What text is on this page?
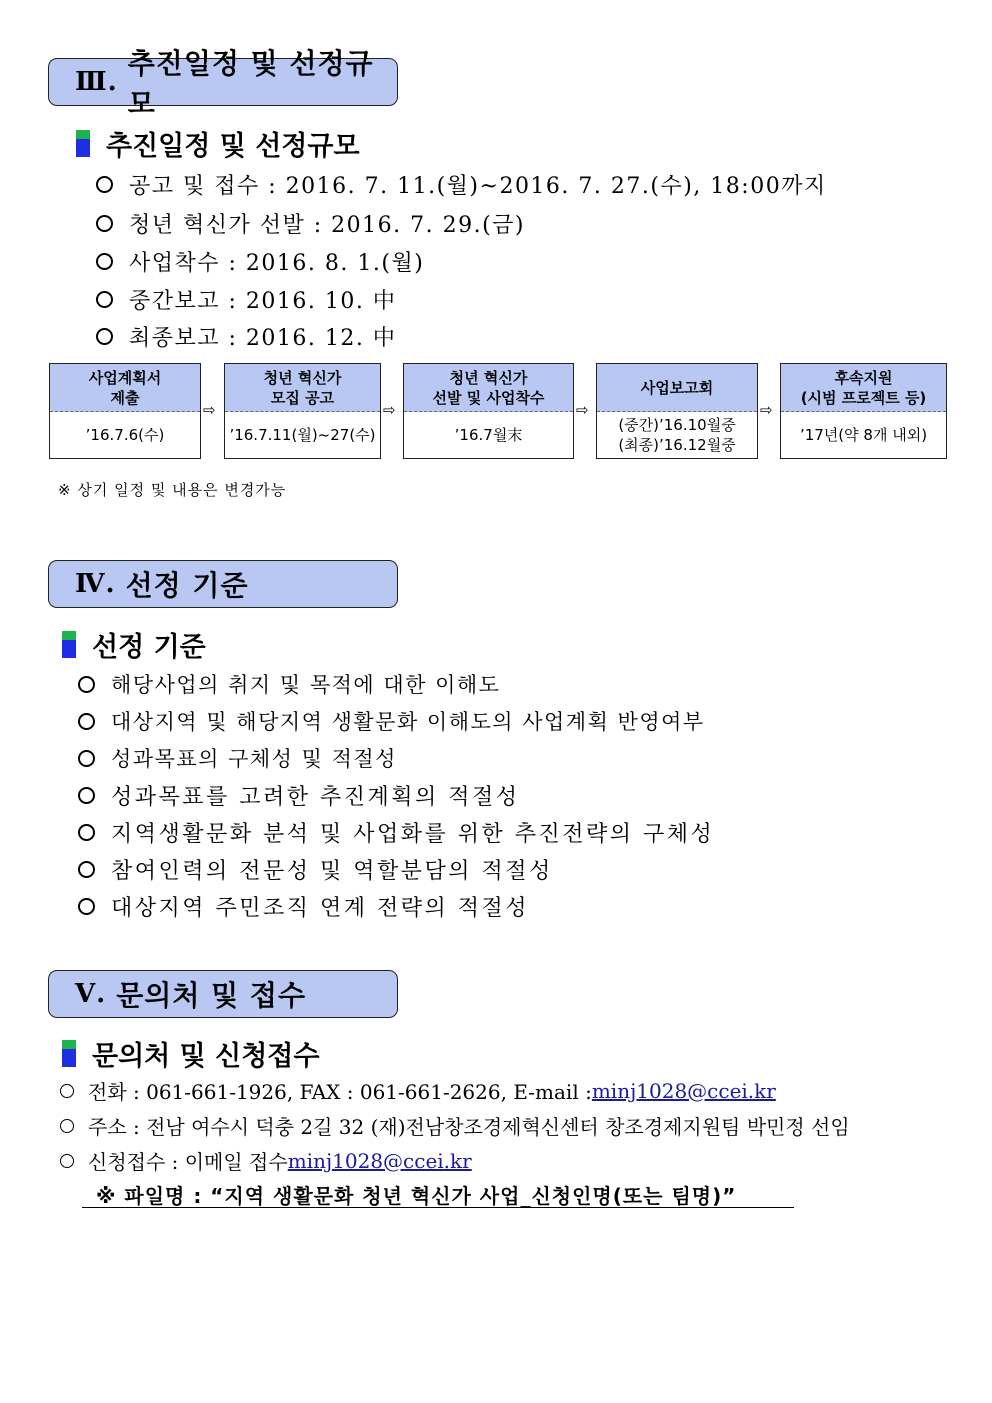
Ⅲ.
추진일정 및 선정규모
추진일정 및 선정규모
공고 및 접수 : 2016. 7. 11.(월)~2016. 7. 27.(수), 18:00까지
청년 혁신가 선발 : 2016. 7. 29.(금)
사업착수 : 2016. 8. 1.(월)
중간보고 : 2016. 10. 中
최종보고 : 2016. 12. 中
사업계획서
제출
’16.7.6(수)
⇨
청년 혁신가
모집 공고
’16.7.11(월)~27(수)
⇨
청년 혁신가
선발 및 사업착수
’16.7월末
⇨
사업보고회
(중간)’16.10월중
(최종)’16.12월중
⇨
후속지원
(시범 프로젝트 등)
’17년(약 8개 내외)
※ 상기 일정 및 내용은 변경가능
Ⅳ. 선정 기준
선정 기준
해당사업의 취지 및 목적에 대한 이해도
대상지역 및 해당지역 생활문화 이해도의 사업계획 반영여부
성과목표의 구체성 및 적절성
성과목표를 고려한 추진계획의 적절성
지역생활문화 분석 및 사업화를 위한 추진전략의 구체성
참여인력의 전문성 및 역할분담의 적절성
대상지역 주민조직 연계 전략의 적절성
Ⅴ. 문의처 및 접수
문의처 및 신청접수
전화 : 061-661-1926, FAX : 061-661-2626, E-mail : minj1028@ccei.kr
주소 : 전남 여수시 덕충 2길 32 (재)전남창조경제혁신센터 창조경제지원팀 박민정 선임
신청접수 : 이메일 접수 minj1028@ccei.kr
※ 파일명 : “지역 생활문화 청년 혁신가 사업_신청인명(또는 팀명)”
